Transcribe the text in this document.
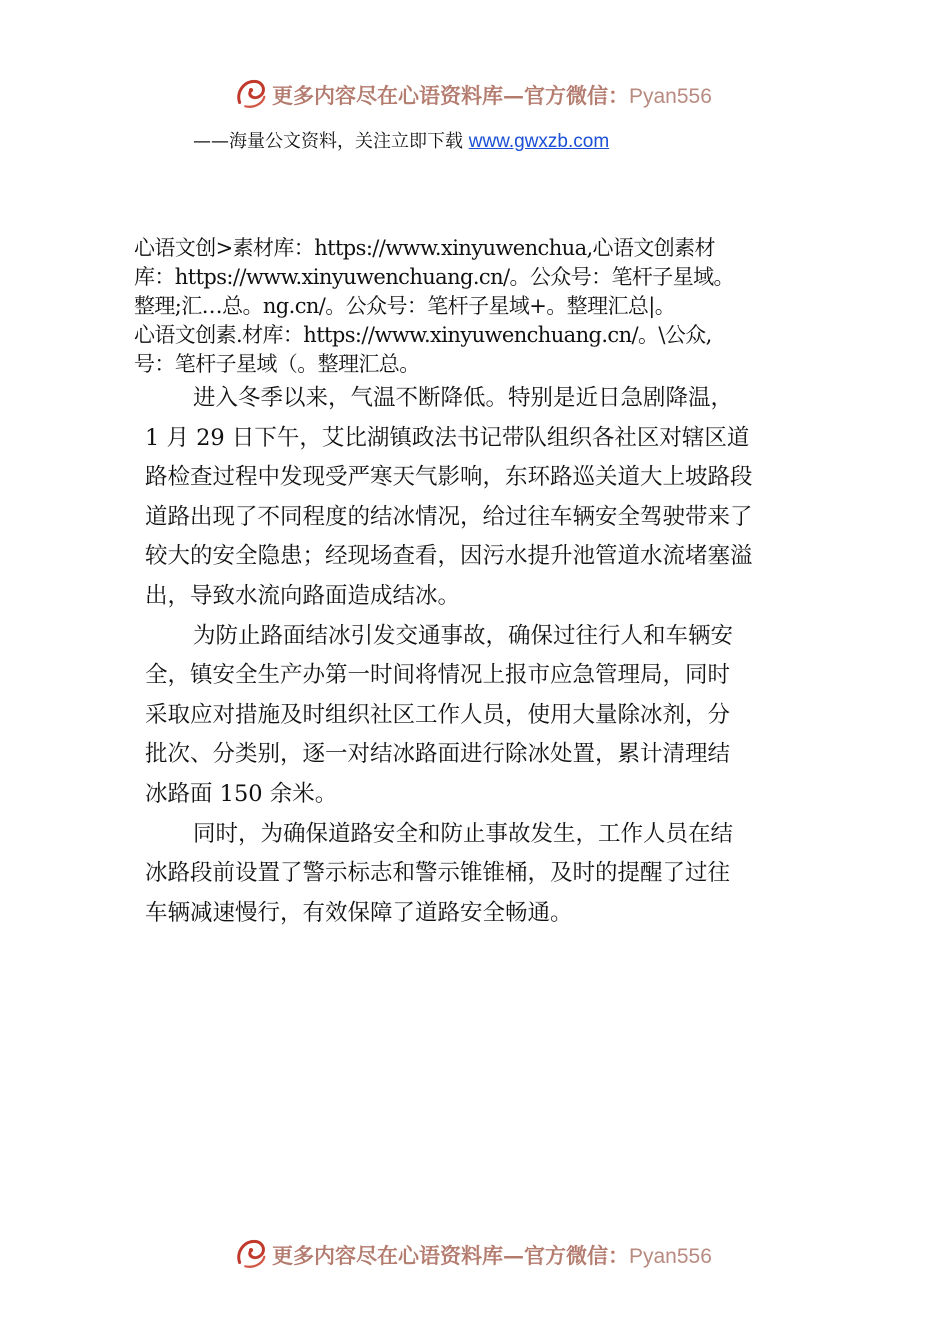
更多内容尽在心语资料库—官方微信：Pyan556
——海量公文资料，关注立即下载 www.gwxzb.com
心语文创>素材库：https://www.xinyuwenchua,心语文创素材
库：https://www.xinyuwenchuang.cn/。公众号：笔杆子星域。
整理;汇…总。ng.cn/。公众号：笔杆子星域+。整理汇总|。
心语文创素.材库：https://www.xinyuwenchuang.cn/。\公众,
号：笔杆子星域（。整理汇总。
进入冬季以来，气温不断降低。特别是近日急剧降温，
1 月 29 日下午，艾比湖镇政法书记带队组织各社区对辖区道
路检查过程中发现受严寒天气影响，东环路巡关道大上坡路段
道路出现了不同程度的结冰情况，给过往车辆安全驾驶带来了
较大的安全隐患；经现场查看，因污水提升池管道水流堵塞溢
出，导致水流向路面造成结冰。
为防止路面结冰引发交通事故，确保过往行人和车辆安
全，镇安全生产办第一时间将情况上报市应急管理局，同时
采取应对措施及时组织社区工作人员，使用大量除冰剂，分
批次、分类别，逐一对结冰路面进行除冰处置，累计清理结
冰路面 150 余米。
同时，为确保道路安全和防止事故发生，工作人员在结
冰路段前设置了警示标志和警示锥锥桶，及时的提醒了过往
车辆减速慢行，有效保障了道路安全畅通。
更多内容尽在心语资料库—官方微信：Pyan556
